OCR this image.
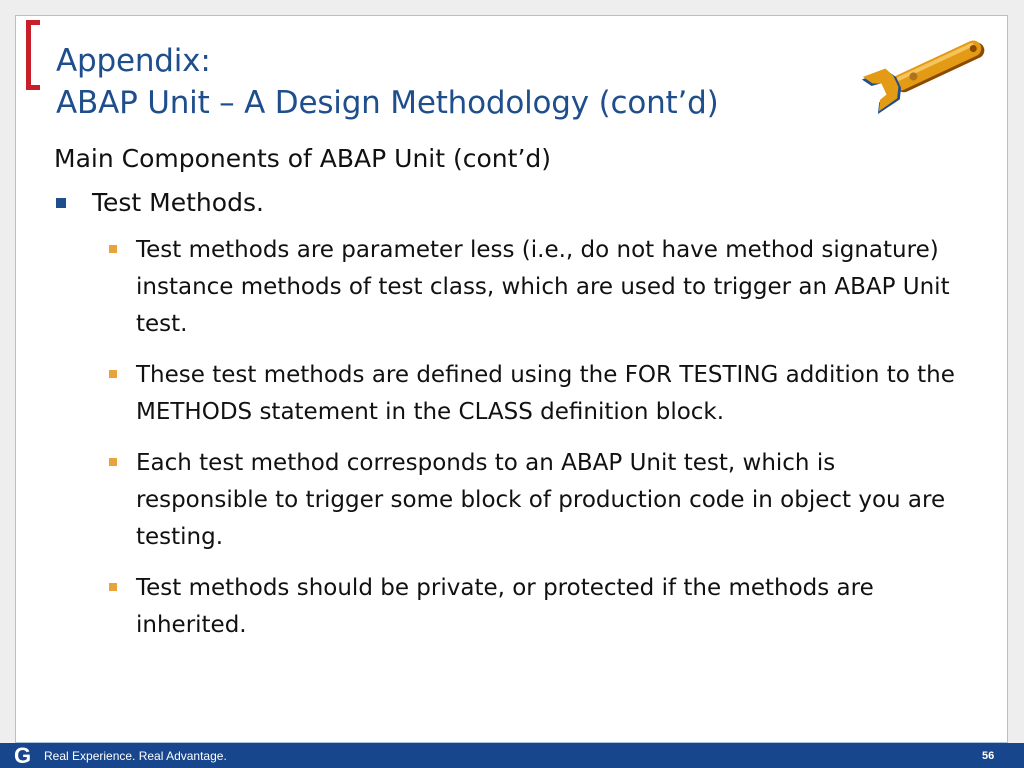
Appendix:
ABAP Unit – A Design Methodology (cont’d)
Main Components of ABAP Unit (cont’d)
Test Methods.
Test methods are parameter less (i.e., do not have method signature) instance methods of test class, which are used to trigger an ABAP Unit test.
These test methods are defined using the FOR TESTING addition to the METHODS statement in the CLASS definition block.
Each test method corresponds to an ABAP Unit test, which is responsible to trigger some block of production code in object you are testing.
Test methods should be private, or protected if the methods are inherited.
G	Real Experience. Real Advantage.	56
